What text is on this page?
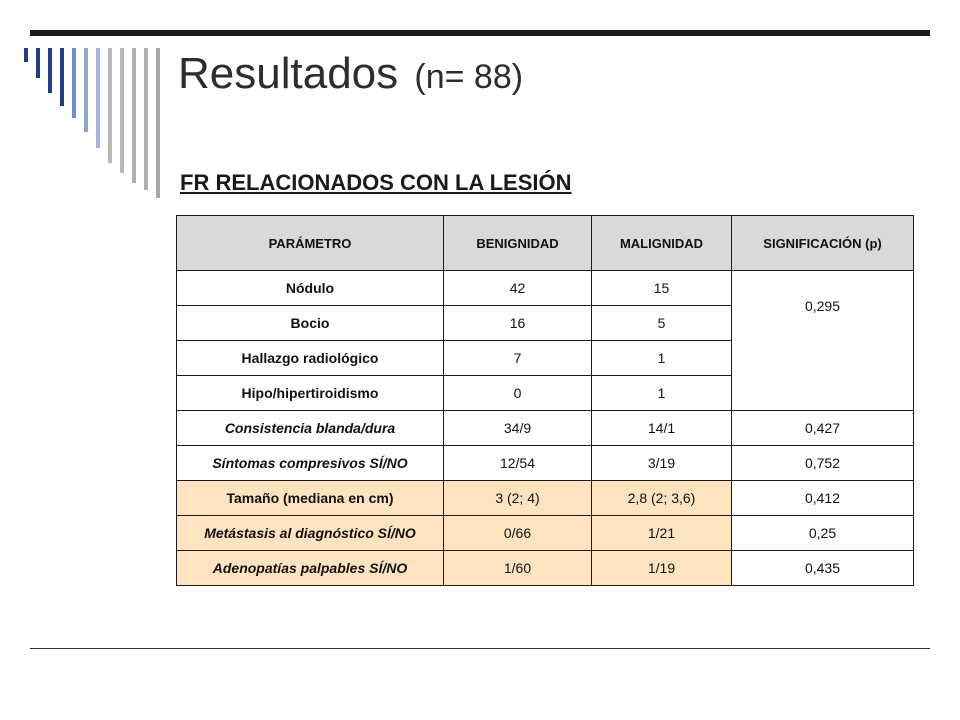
Resultados (n= 88)
FR RELACIONADOS CON LA LESIÓN
PARÁMETRO	BENIGNIDAD	MALIGNIDAD	SIGNIFICACIÓN (p)
Nódulo	42	15	0,295
Bocio	16	5	
Hallazgo radiológico	7	1	
Hipo/hipertiroidismo	0	1	
Consistencia blanda/dura	34/9	14/1	0,427
Síntomas compresivos SÍ/NO	12/54	3/19	0,752
Tamaño (mediana en cm)	3 (2; 4)	2,8 (2; 3,6)	0,412
Metástasis al diagnóstico SÍ/NO	0/66	1/21	0,25
Adenopatías palpables SÍ/NO	1/60	1/19	0,435
